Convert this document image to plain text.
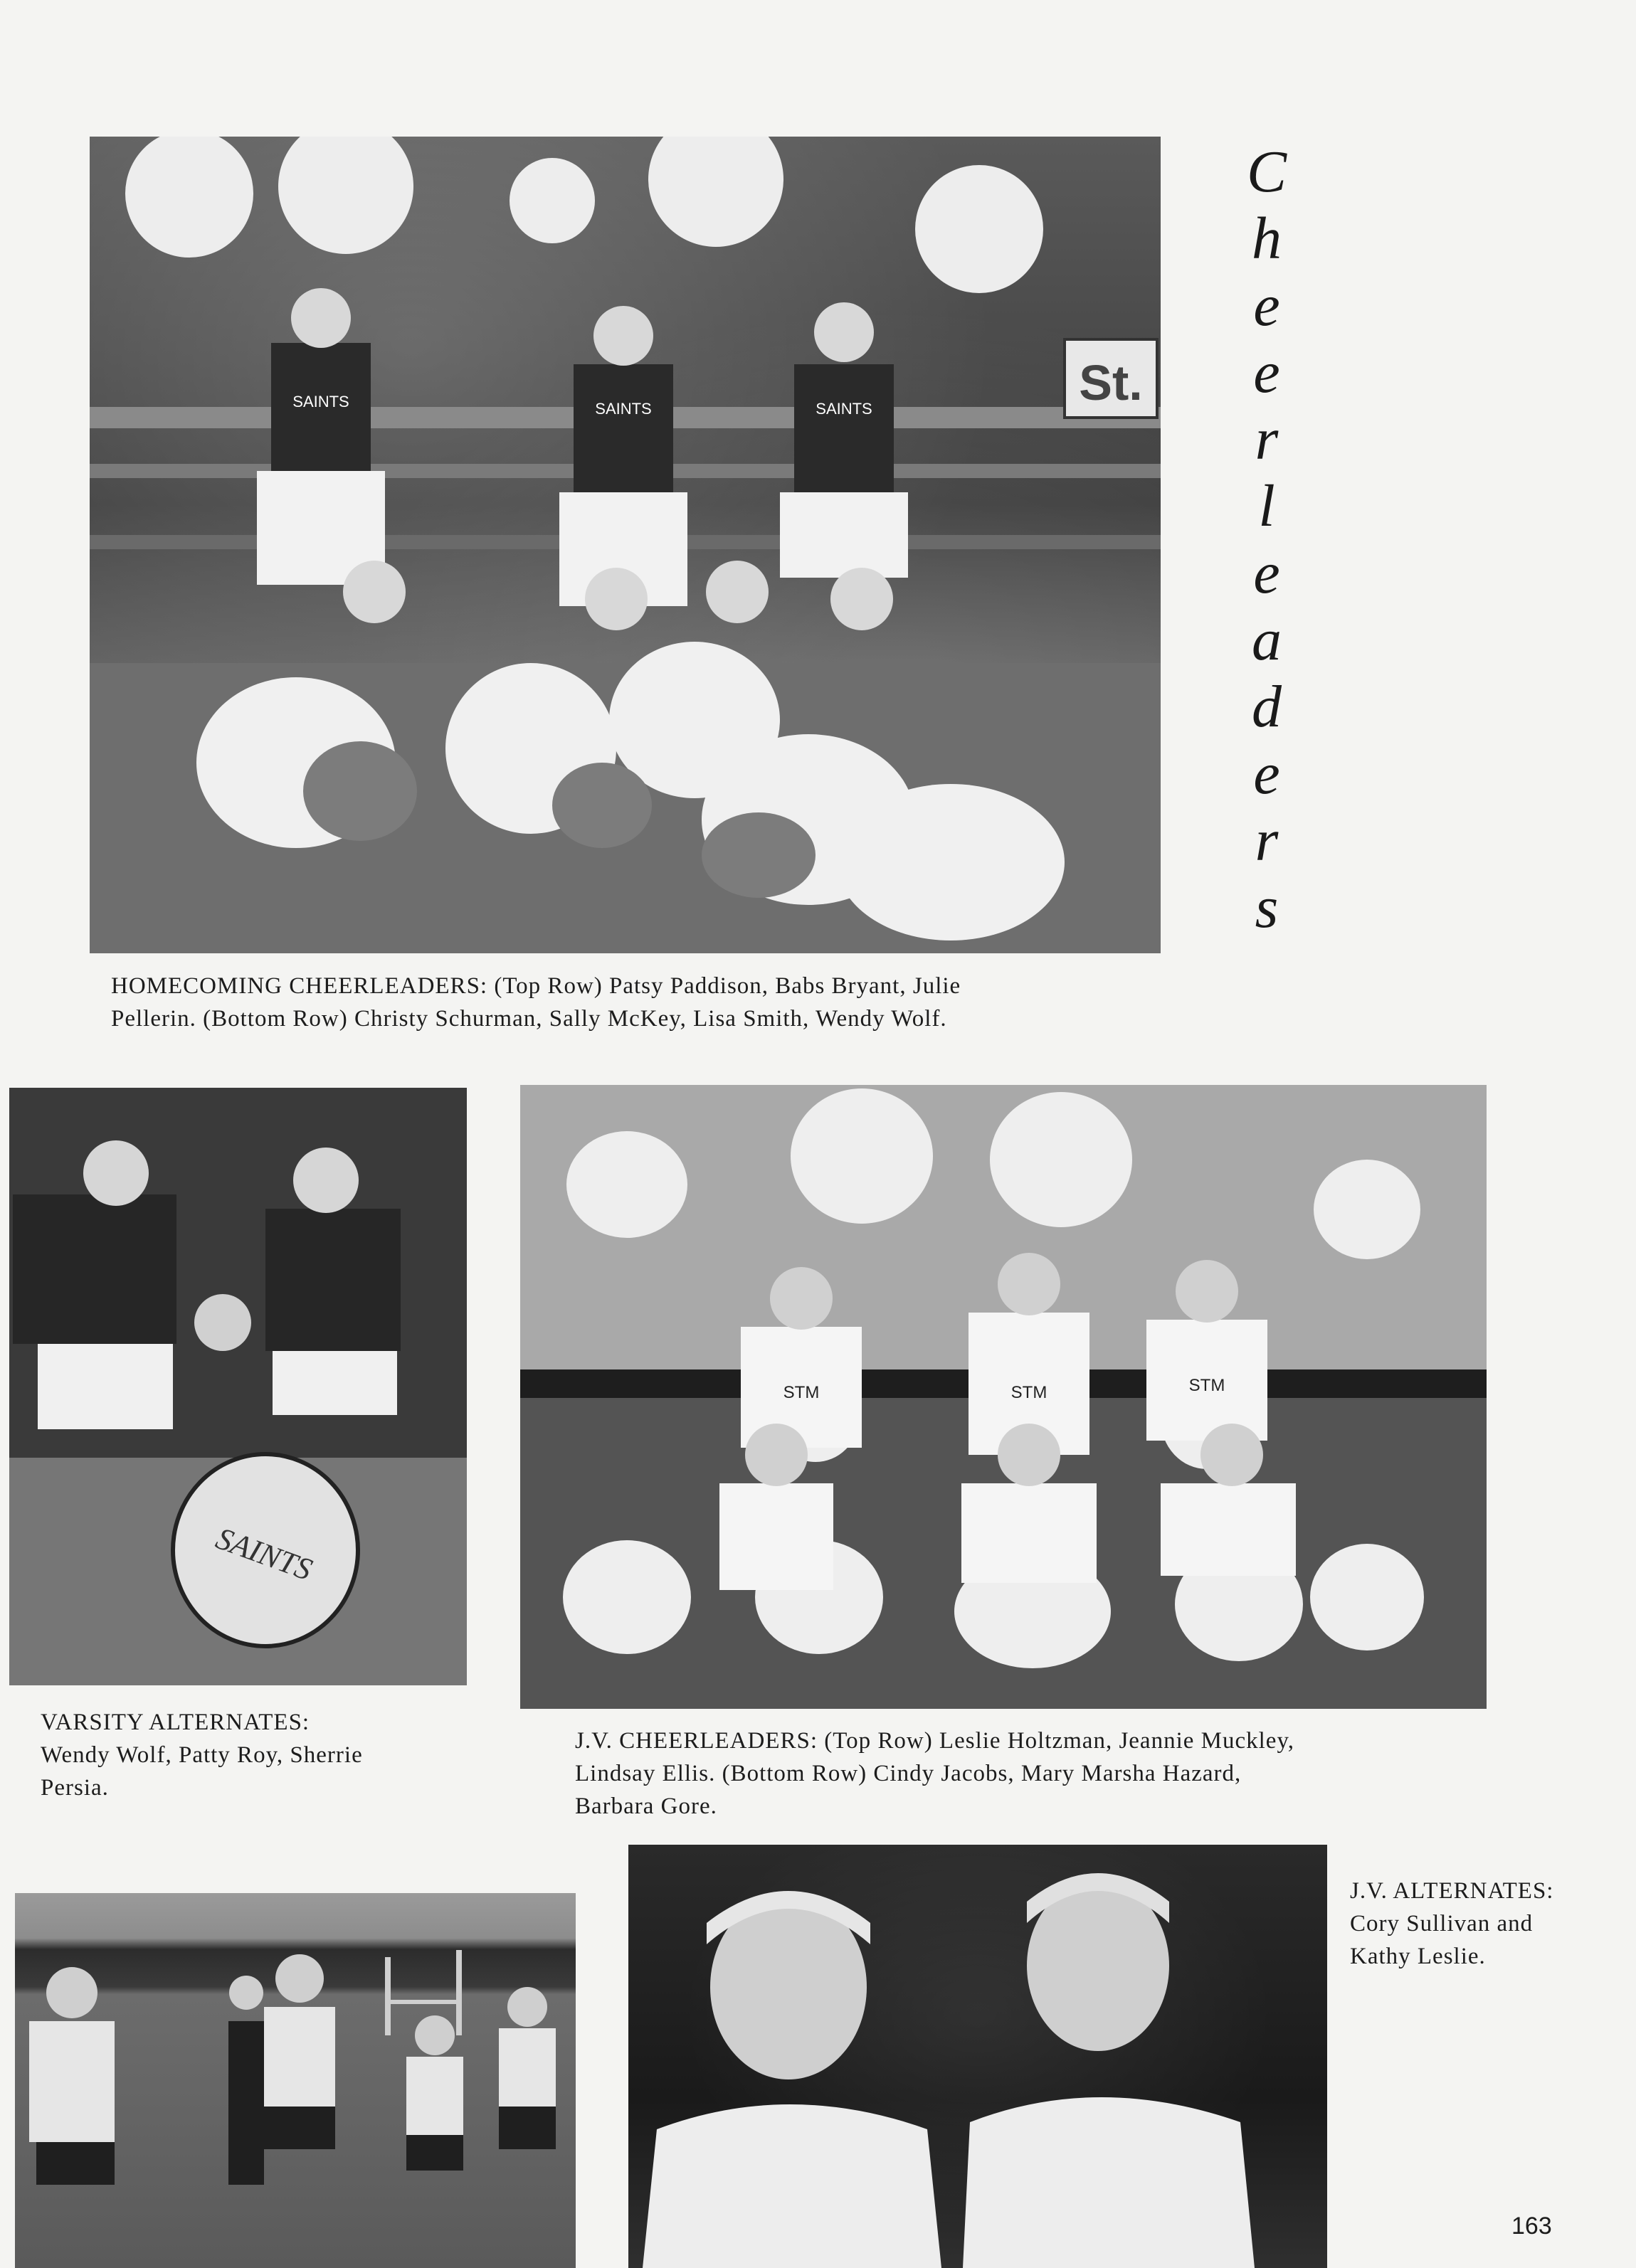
C
h
e
e
r
l
e
a
d
e
r
s
St.
SAINTS	SAINTS	SAINTS
HOMECOMING CHEERLEADERS: (Top Row) Patsy Paddison, Babs Bryant, Julie
Pellerin. (Bottom Row) Christy Schurman, Sally McKey, Lisa Smith, Wendy Wolf.
SAINTS
VARSITY ALTERNATES:
Wendy Wolf, Patty Roy, Sherrie
Persia.
STM	STM	STM
J.V. CHEERLEADERS: (Top Row) Leslie Holtzman, Jeannie Muckley,
Lindsay Ellis. (Bottom Row) Cindy Jacobs, Mary Marsha Hazard,
Barbara Gore.
J.V. ALTERNATES:
Cory Sullivan and
Kathy Leslie.
163
